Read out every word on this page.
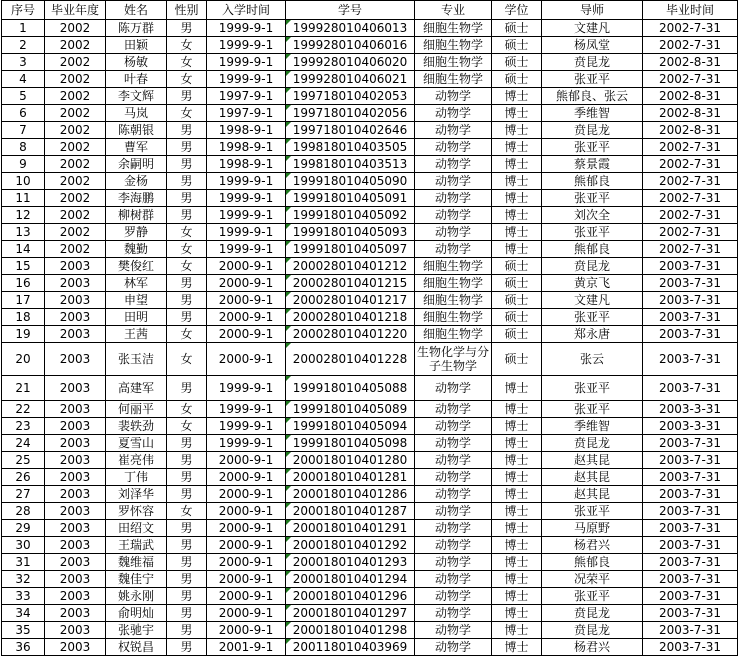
序号	毕业年度	姓名	性别	入学时间	学号	专业	学位	导师	毕业时间
1	2002	陈万群	男	1999-9-1	199928010406013	细胞生物学	硕士	文建凡	2002-7-31
2	2002	田颖	女	1999-9-1	199928010406016	细胞生物学	硕士	杨凤堂	2002-7-31
3	2002	杨敏	女	1999-9-1	199928010406020	细胞生物学	硕士	贲昆龙	2002-8-31
4	2002	叶春	女	1999-9-1	199928010406021	细胞生物学	硕士	张亚平	2002-7-31
5	2002	李文辉	男	1997-9-1	199718010402053	动物学	博士	熊郁良、张云	2002-8-31
6	2002	马岚	女	1997-9-1	199718010402056	动物学	博士	季维智	2002-8-31
7	2002	陈朝银	男	1998-9-1	199718010402646	动物学	博士	贲昆龙	2002-8-31
8	2002	曹军	男	1998-9-1	199818010403505	动物学	博士	张亚平	2002-7-31
9	2002	余嗣明	男	1998-9-1	199818010403513	动物学	博士	蔡景霞	2002-7-31
10	2002	金杨	男	1999-9-1	199918010405090	动物学	博士	熊郁良	2002-7-31
11	2002	李海鹏	男	1999-9-1	199918010405091	动物学	博士	张亚平	2002-7-31
12	2002	柳树群	男	1999-9-1	199918010405092	动物学	博士	刘次全	2002-7-31
13	2002	罗静	女	1999-9-1	199918010405093	动物学	博士	张亚平	2002-7-31
14	2002	魏勤	女	1999-9-1	199918010405097	动物学	博士	熊郁良	2002-7-31
15	2003	樊俊红	女	2000-9-1	200028010401212	细胞生物学	硕士	贲昆龙	2003-7-31
16	2003	林军	男	2000-9-1	200028010401215	细胞生物学	硕士	黄京飞	2003-7-31
17	2003	申望	男	2000-9-1	200028010401217	细胞生物学	硕士	文建凡	2003-7-31
18	2003	田明	男	2000-9-1	200028010401218	细胞生物学	硕士	张亚平	2003-7-31
19	2003	王茜	女	2000-9-1	200028010401220	细胞生物学	硕士	郑永唐	2003-7-31
20	2003	张玉洁	女	2000-9-1	200028010401228	生物化学与分子生物学	硕士	张云	2003-7-31
21	2003	高建军	男	1999-9-1	199918010405088	动物学	博士	张亚平	2003-7-31
22	2003	何丽平	女	1999-9-1	199918010405089	动物学	博士	张亚平	2003-3-31
23	2003	裴轶劲	女	1999-9-1	199918010405094	动物学	博士	季维智	2003-3-31
24	2003	夏雪山	男	1999-9-1	199918010405098	动物学	博士	贲昆龙	2003-7-31
25	2003	崔亮伟	男	2000-9-1	200018010401280	动物学	博士	赵其昆	2003-7-31
26	2003	丁伟	男	2000-9-1	200018010401281	动物学	博士	赵其昆	2003-7-31
27	2003	刘泽华	男	2000-9-1	200018010401286	动物学	博士	赵其昆	2003-7-31
28	2003	罗怀容	女	2000-9-1	200018010401287	动物学	博士	张亚平	2003-7-31
29	2003	田绍文	男	2000-9-1	200018010401291	动物学	博士	马原野	2003-7-31
30	2003	王瑞武	男	2000-9-1	200018010401292	动物学	博士	杨君兴	2003-7-31
31	2003	魏维福	男	2000-9-1	200018010401293	动物学	博士	熊郁良	2003-7-31
32	2003	魏佳宁	男	2000-9-1	200018010401294	动物学	博士	况荣平	2003-7-31
33	2003	姚永刚	男	2000-9-1	200018010401296	动物学	博士	张亚平	2003-7-31
34	2003	俞明灿	男	2000-9-1	200018010401297	动物学	博士	贲昆龙	2003-7-31
35	2003	张驰宇	男	2000-9-1	200018010401298	动物学	博士	贲昆龙	2003-7-31
36	2003	权锐昌	男	2001-9-1	200118010403969	动物学	博士	杨君兴	2003-7-31
